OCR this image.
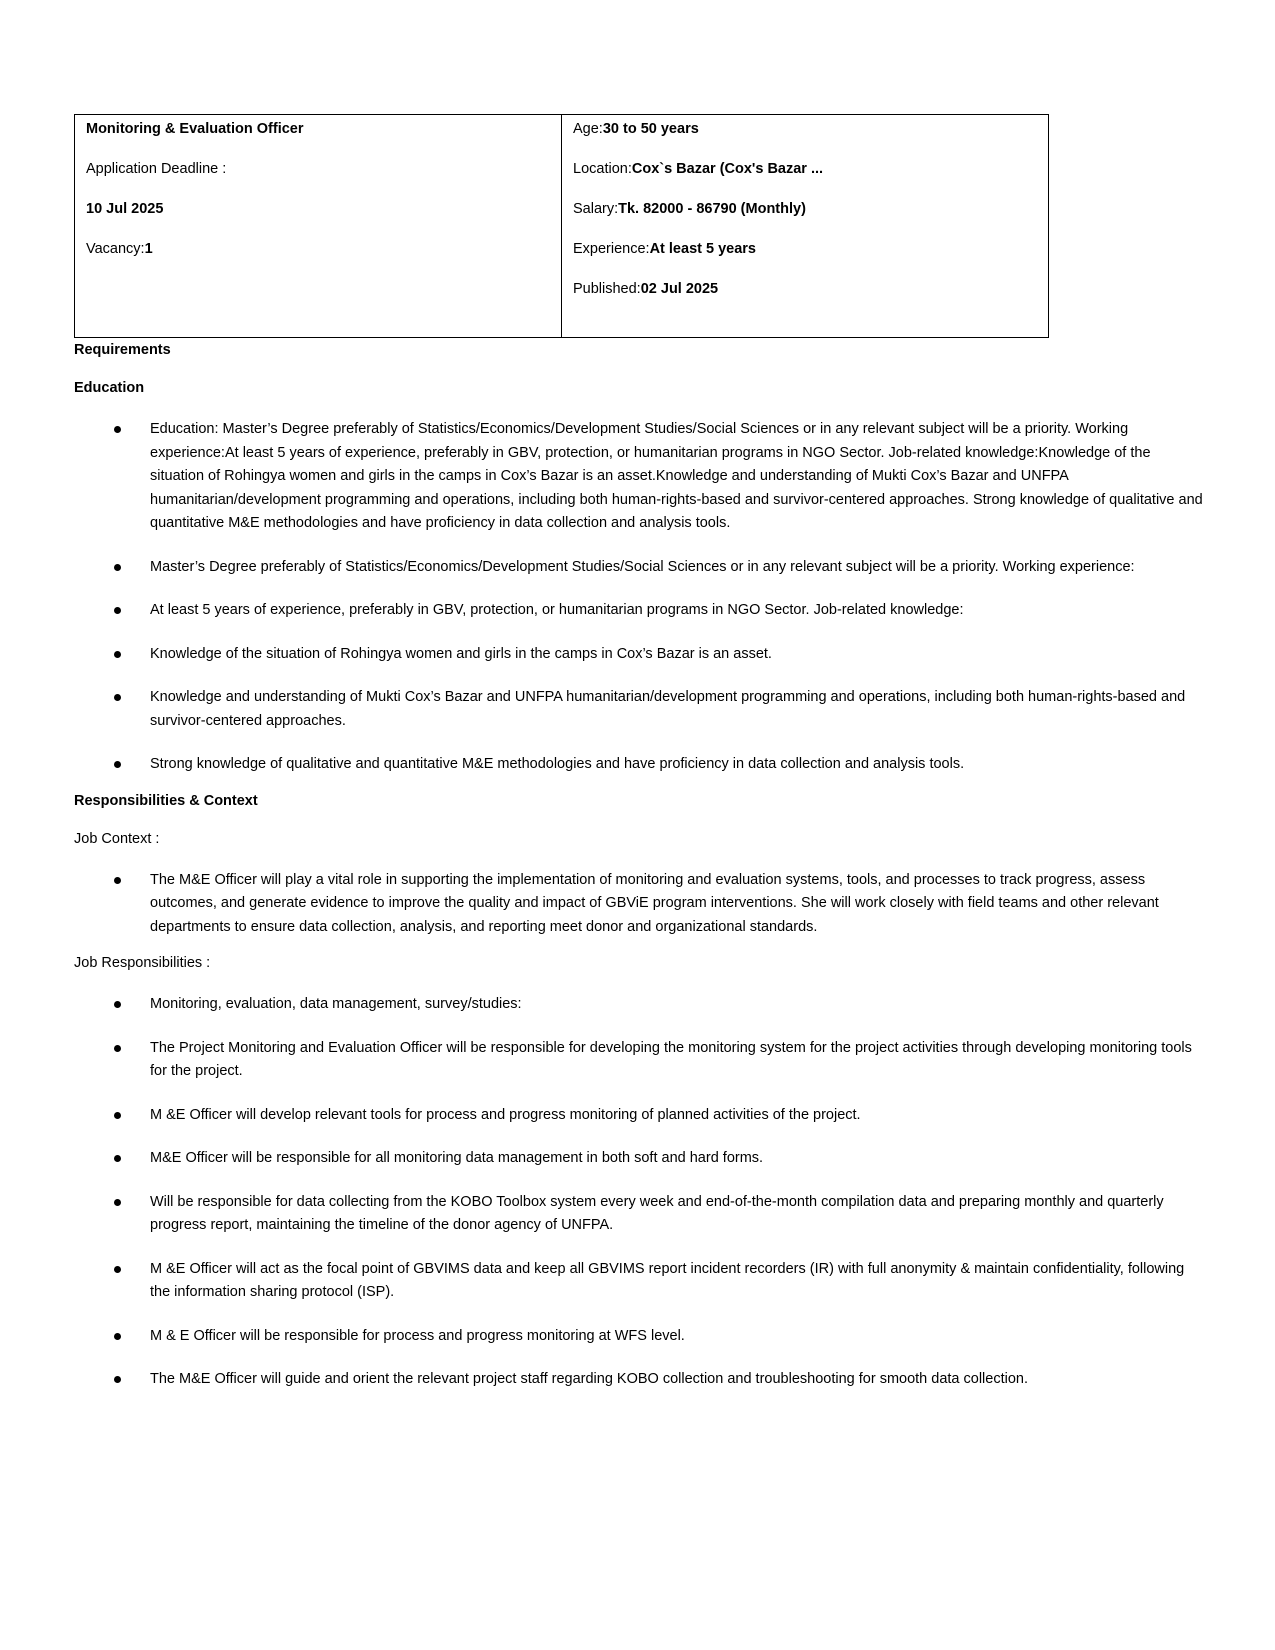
Monitoring & Evaluation Officer

Application Deadline :

10 Jul 2025

Vacancy:1

Age:30 to 50 years

Location:Cox`s Bazar (Cox's Bazar ...

Salary:Tk. 82000 - 86790 (Monthly)

Experience:At least 5 years

Published:02 Jul 2025

Requirements

Education

Education: Master’s Degree preferably of Statistics/Economics/Development Studies/Social Sciences or in any relevant subject will be a priority. Working experience:At least 5 years of experience, preferably in GBV, protection, or humanitarian programs in NGO Sector. Job-related knowledge:Knowledge of the situation of Rohingya women and girls in the camps in Cox’s Bazar is an asset.Knowledge and understanding of Mukti Cox’s Bazar and UNFPA humanitarian/development programming and operations, including both human-rights-based and survivor-centered approaches. Strong knowledge of qualitative and quantitative M&E methodologies and have proficiency in data collection and analysis tools.
Master’s Degree preferably of Statistics/Economics/Development Studies/Social Sciences or in any relevant subject will be a priority. Working experience:
At least 5 years of experience, preferably in GBV, protection, or humanitarian programs in NGO Sector. Job-related knowledge:
Knowledge of the situation of Rohingya women and girls in the camps in Cox’s Bazar is an asset.
Knowledge and understanding of Mukti Cox’s Bazar and UNFPA humanitarian/development programming and operations, including both human-rights-based and survivor-centered approaches.
Strong knowledge of qualitative and quantitative M&E methodologies and have proficiency in data collection and analysis tools.

Responsibilities & Context

Job Context :

The M&E Officer will play a vital role in supporting the implementation of monitoring and evaluation systems, tools, and processes to track progress, assess outcomes, and generate evidence to improve the quality and impact of GBViE program interventions. She will work closely with field teams and other relevant departments to ensure data collection, analysis, and reporting meet donor and organizational standards.

Job Responsibilities :

Monitoring, evaluation, data management, survey/studies:
The Project Monitoring and Evaluation Officer will be responsible for developing the monitoring system for the project activities through developing monitoring tools for the project.
M &E Officer will develop relevant tools for process and progress monitoring of planned activities of the project.
M&E Officer will be responsible for all monitoring data management in both soft and hard forms.
Will be responsible for data collecting from the KOBO Toolbox system every week and end-of-the-month compilation data and preparing monthly and quarterly progress report, maintaining the timeline of the donor agency of UNFPA.
M &E Officer will act as the focal point of GBVIMS data and keep all GBVIMS report incident recorders (IR) with full anonymity & maintain confidentiality, following the information sharing protocol (ISP).
M & E Officer will be responsible for process and progress monitoring at WFS level.
The M&E Officer will guide and orient the relevant project staff regarding KOBO collection and troubleshooting for smooth data collection.
